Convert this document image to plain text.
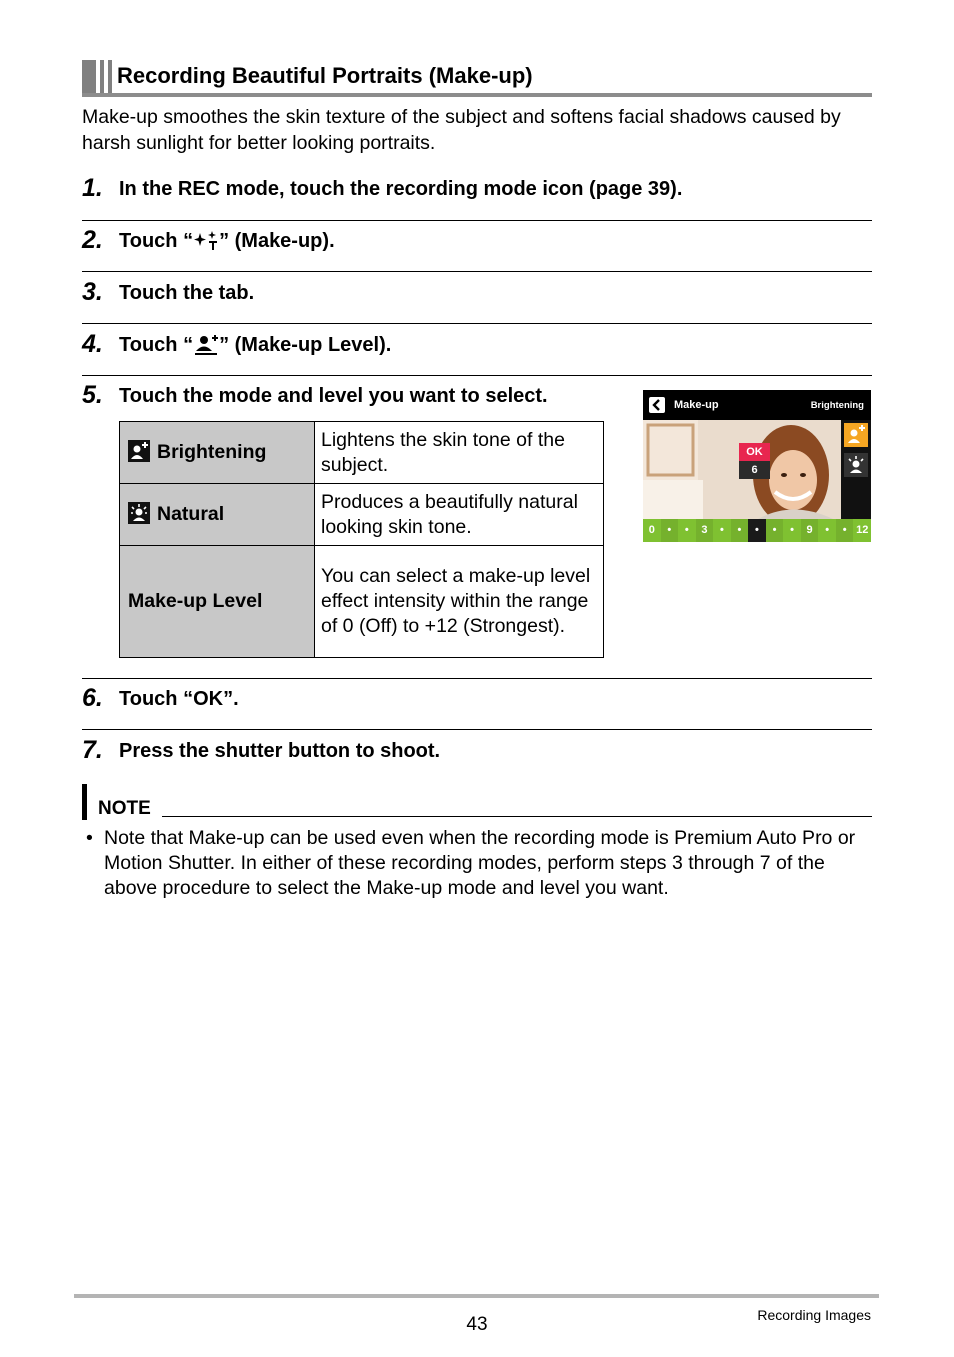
Recording Beautiful Portraits (Make-up)
Make-up smoothes the skin texture of the subject and softens facial shadows caused by harsh sunlight for better looking portraits.
1. In the REC mode, touch the recording mode icon (page 39).
2. Touch “ ” (Make-up).
3. Touch the tab.
4. Touch “ ” (Make-up Level).
5. Touch the mode and level you want to select.
Brightening	Lightens the skin tone of the subject.
Natural	Produces a beautifully natural looking skin tone.
Make-up Level	You can select a make-up level effect intensity within the range of 0 (Off) to +12 (Strongest).
Make-up	Brightening
OK
6
0	•	•	3	•	•	•	•	•	9	•	• 12
6. Touch “OK”.
7. Press the shutter button to shoot.
NOTE
• Note that Make-up can be used even when the recording mode is Premium Auto Pro or Motion Shutter. In either of these recording modes, perform steps 3 through 7 of the above procedure to select the Make-up mode and level you want.
43	Recording Images
